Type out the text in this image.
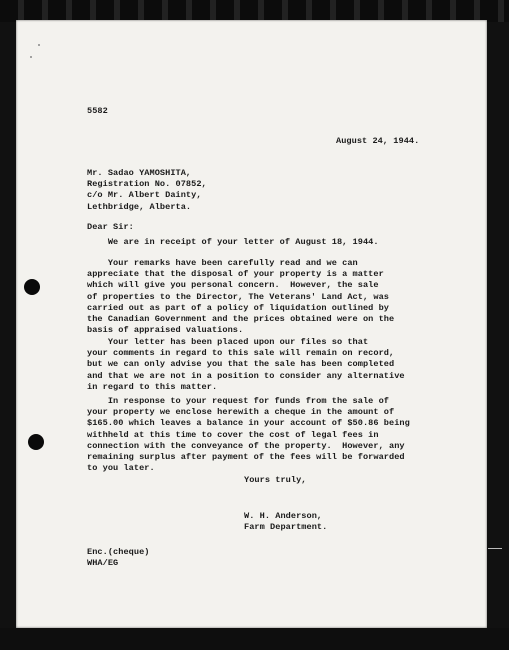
5582
August 24, 1944.
Mr. Sadao YAMOSHITA,
Registration No. 07852,
c/o Mr. Albert Dainty,
Lethbridge, Alberta.
Dear Sir:
We are in receipt of your letter of August 18, 1944.
Your remarks have been carefully read and we can
appreciate that the disposal of your property is a matter
which will give you personal concern.  However, the sale
of properties to the Director, The Veterans' Land Act, was
carried out as part of a policy of liquidation outlined by
the Canadian Government and the prices obtained were on the
basis of appraised valuations.
Your letter has been placed upon our files so that
your comments in regard to this sale will remain on record,
but we can only advise you that the sale has been completed
and that we are not in a position to consider any alternative
in regard to this matter.
In response to your request for funds from the sale of
your property we enclose herewith a cheque in the amount of
$165.00 which leaves a balance in your account of $50.86 being
withheld at this time to cover the cost of legal fees in
connection with the conveyance of the property.  However, any
remaining surplus after payment of the fees will be forwarded
to you later.
Yours truly,
W. H. Anderson,
Farm Department.
Enc.(cheque)
WHA/EG
